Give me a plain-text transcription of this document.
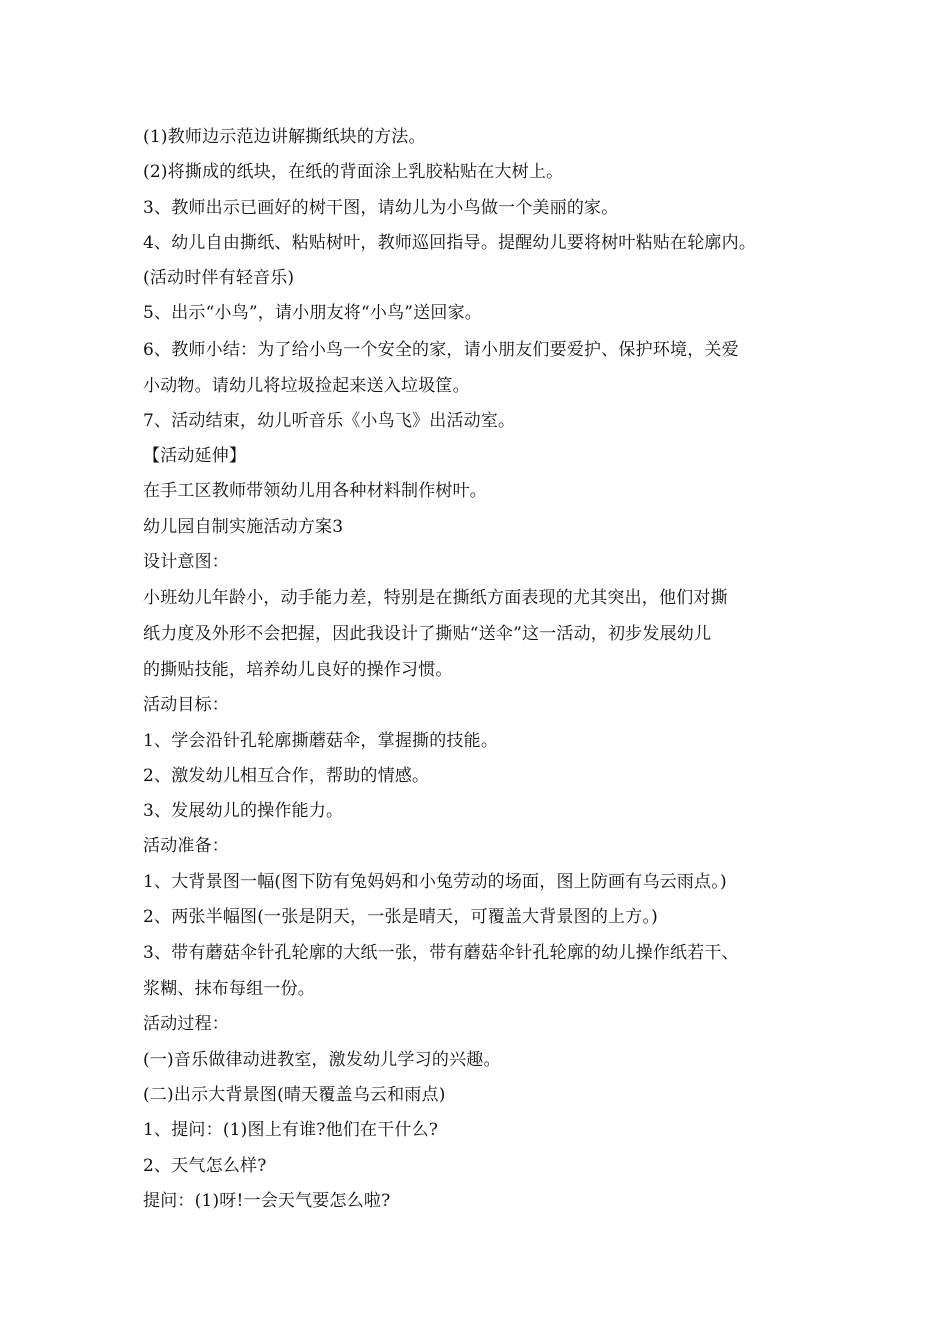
(1)教师边示范边讲解撕纸块的方法。
(2)将撕成的纸块，在纸的背面涂上乳胶粘贴在大树上。
3、教师出示已画好的树干图，请幼儿为小鸟做一个美丽的家。
4、幼儿自由撕纸、粘贴树叶，教师巡回指导。提醒幼儿要将树叶粘贴在轮廓内。
(活动时伴有轻音乐)
5、出示“小鸟”，请小朋友将“小鸟”送回家。
6、教师小结：为了给小鸟一个安全的家，请小朋友们要爱护、保护环境，关爱
小动物。请幼儿将垃圾捡起来送入垃圾筐。
7、活动结束，幼儿听音乐《小鸟飞》出活动室。
【活动延伸】
在手工区教师带领幼儿用各种材料制作树叶。
幼儿园自制实施活动方案3
设计意图：
小班幼儿年龄小，动手能力差，特别是在撕纸方面表现的尤其突出，他们对撕
纸力度及外形不会把握，因此我设计了撕贴“送伞”这一活动，初步发展幼儿
的撕贴技能，培养幼儿良好的操作习惯。
活动目标：
1、学会沿针孔轮廓撕蘑菇伞，掌握撕的技能。
2、激发幼儿相互合作，帮助的情感。
3、发展幼儿的操作能力。
活动准备：
1、大背景图一幅(图下防有兔妈妈和小兔劳动的场面，图上防画有乌云雨点。)
2、两张半幅图(一张是阴天，一张是晴天，可覆盖大背景图的上方。)
3、带有蘑菇伞针孔轮廓的大纸一张，带有蘑菇伞针孔轮廓的幼儿操作纸若干、
浆糊、抹布每组一份。
活动过程：
(一)音乐做律动进教室，激发幼儿学习的兴趣。
(二)出示大背景图(晴天覆盖乌云和雨点)
1、提问：(1)图上有谁?他们在干什么?
2、天气怎么样?
提问：(1)呀!一会天气要怎么啦?
